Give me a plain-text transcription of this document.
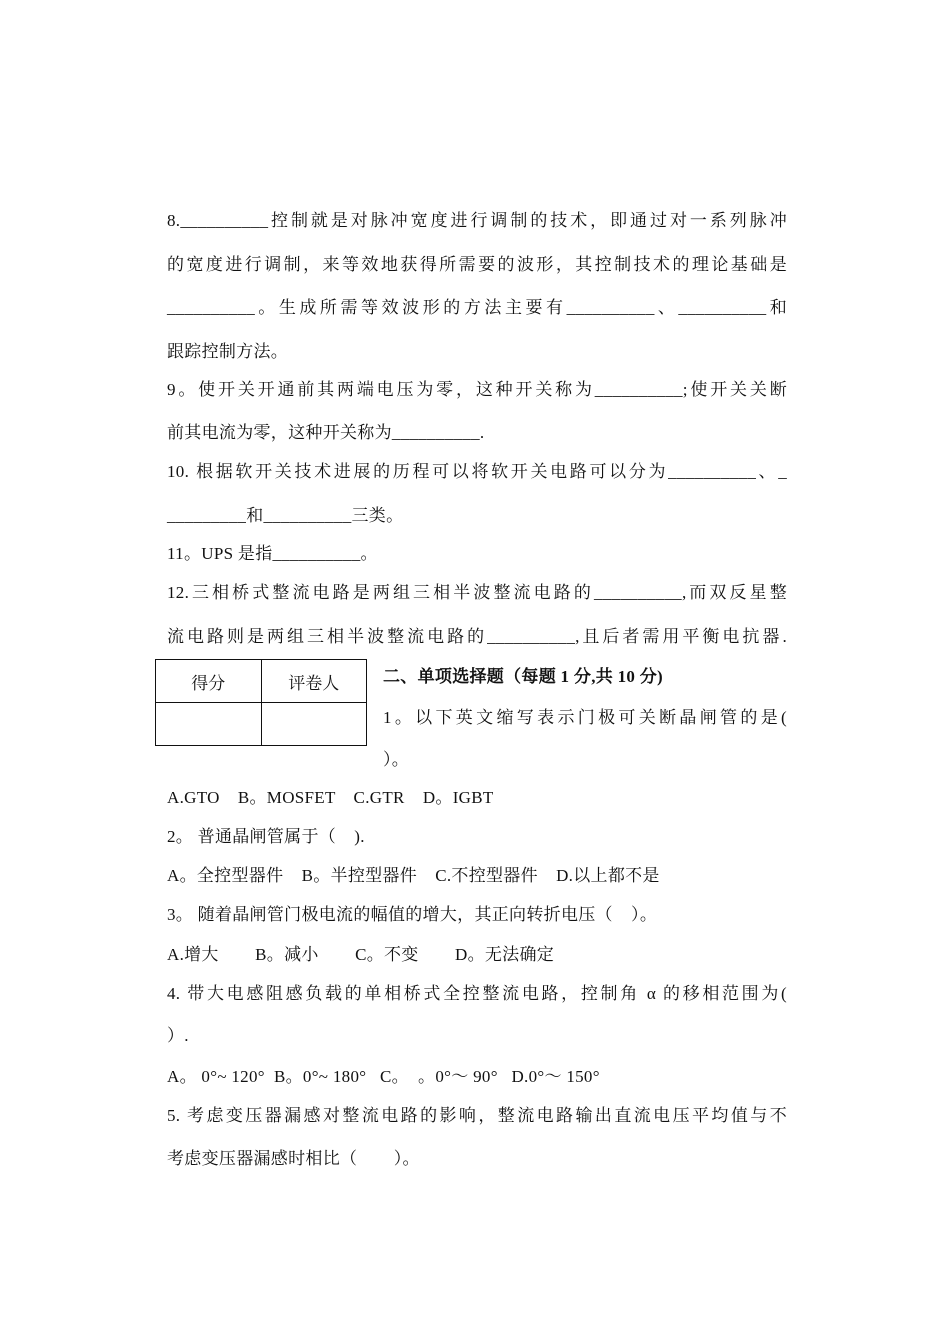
8.__________控制就是对脉冲宽度进行调制的技术，即通过对一系列脉冲
的宽度进行调制，来等效地获得所需要的波形，其控制技术的理论基础是
__________。生成所需等效波形的方法主要有__________、__________和
跟踪控制方法。
9。使开关开通前其两端电压为零，这种开关称为__________;使开关关断
前其电流为零，这种开关称为__________.
10. 根据软开关技术进展的历程可以将软开关电路可以分为__________、_
_________和__________三类。
11。UPS 是指__________。
12.三相桥式整流电路是两组三相半波整流电路的__________,而双反星整
流电路则是两组三相半波整流电路的__________,且后者需用平衡电抗器.
得分	评卷人
		二、单项选择题（每题 1 分,共 10 分)
1。以下英文缩写表示门极可关断晶闸管的是(
）。
A.GTO    B。MOSFET    C.GTR    D。IGBT
2。 普通晶闸管属于（    ).
A。全控型器件    B。半控型器件    C.不控型器件    D.以上都不是
3。 随着晶闸管门极电流的幅值的增大，其正向转折电压（    ）。
A.增大        B。减小        C。不变        D。无法确定
4. 带大电感阻感负载的单相桥式全控整流电路，控制角 α 的移相范围为(
）.
A。 0°~ 120°  B。0°~ 180°   C。  。0°～ 90°   D.0°～ 150°
5. 考虑变压器漏感对整流电路的影响，整流电路输出直流电压平均值与不
考虑变压器漏感时相比（        ）。
